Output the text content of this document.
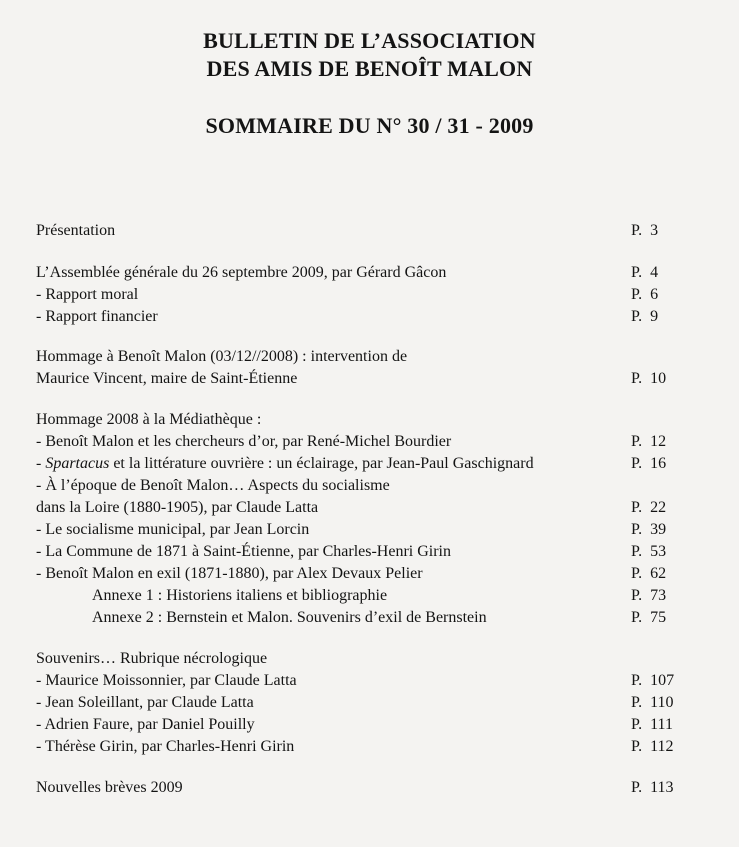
BULLETIN DE L’ASSOCIATION
DES AMIS DE BENOÎT MALON
SOMMAIRE DU N° 30 / 31 - 2009
Présentation	P. 3
L’Assemblée générale du 26 septembre 2009, par Gérard Gâcon	P. 4
- Rapport moral	P. 6
- Rapport financier	P. 9
Hommage à Benoît Malon (03/12//2008) : intervention de
Maurice Vincent, maire de Saint-Étienne	P. 10
Hommage 2008 à la Médiathèque :
- Benoît Malon et les chercheurs d’or, par René-Michel Bourdier	P. 12
- Spartacus et la littérature ouvrière : un éclairage, par Jean-Paul Gaschignard	P. 16
- À l’époque de Benoît Malon… Aspects du socialisme
dans la Loire (1880-1905), par Claude Latta	P. 22
- Le socialisme municipal, par Jean Lorcin	P. 39
- La Commune de 1871 à Saint-Étienne, par Charles-Henri Girin	P. 53
- Benoît Malon en exil (1871-1880), par Alex Devaux Pelier	P. 62
Annexe 1 : Historiens italiens et bibliographie	P. 73
Annexe 2 : Bernstein et Malon. Souvenirs d’exil de Bernstein	P. 75
Souvenirs… Rubrique nécrologique
- Maurice Moissonnier, par Claude Latta	P. 107
- Jean Soleillant, par Claude Latta	P. 110
- Adrien Faure, par Daniel Pouilly	P. 111
- Thérèse Girin, par Charles-Henri Girin	P. 112
Nouvelles brèves 2009	P. 113
